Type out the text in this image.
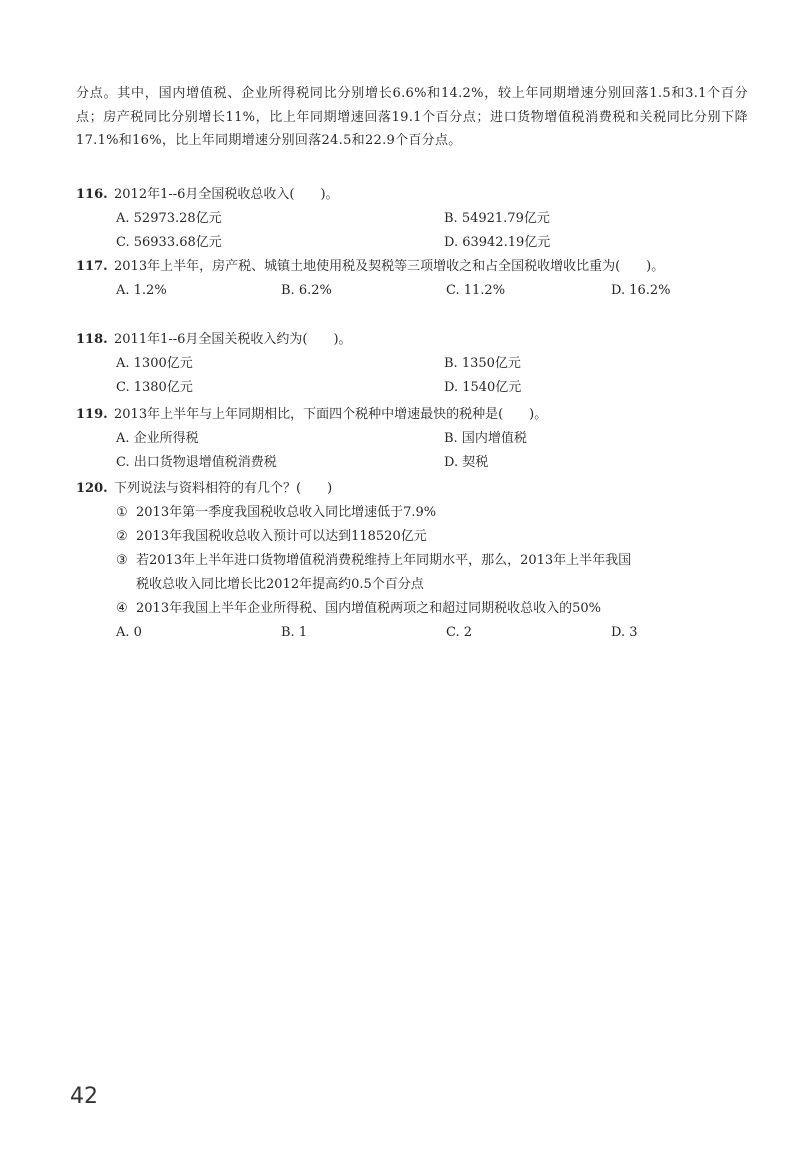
分点。其中，国内增值税、企业所得税同比分别增长6.6%和14.2%，较上年同期增速分别回落1.5和3.1个百分点；房产税同比分别增长11%，比上年同期增速回落19.1个百分点；进口货物增值税消费税和关税同比分别下降17.1%和16%，比上年同期增速分别回落24.5和22.9个百分点。

116. 2012年1--6月全国税收总收入(　　)。
A. 52973.28亿元	B. 54921.79亿元
C. 56933.68亿元	D. 63942.19亿元
117. 2013年上半年，房产税、城镇土地使用税及契税等三项增收之和占全国税收增收比重为(　　)。
A. 1.2%	B. 6.2%	C. 11.2%	D. 16.2%
118. 2011年1--6月全国关税收入约为(　　)。
A. 1300亿元	B. 1350亿元
C. 1380亿元	D. 1540亿元
119. 2013年上半年与上年同期相比，下面四个税种中增速最快的税种是(　　)。
A. 企业所得税	B. 国内增值税
C. 出口货物退增值税消费税	D. 契税
120. 下列说法与资料相符的有几个？(　　)
① 2013年第一季度我国税收总收入同比增速低于7.9%
② 2013年我国税收总收入预计可以达到118520亿元
③ 若2013年上半年进口货物增值税消费税维持上年同期水平，那么，2013年上半年我国
税收总收入同比增长比2012年提高约0.5个百分点
④ 2013年我国上半年企业所得税、国内增值税两项之和超过同期税收总收入的50%
A. 0	B. 1	C. 2	D. 3
42
